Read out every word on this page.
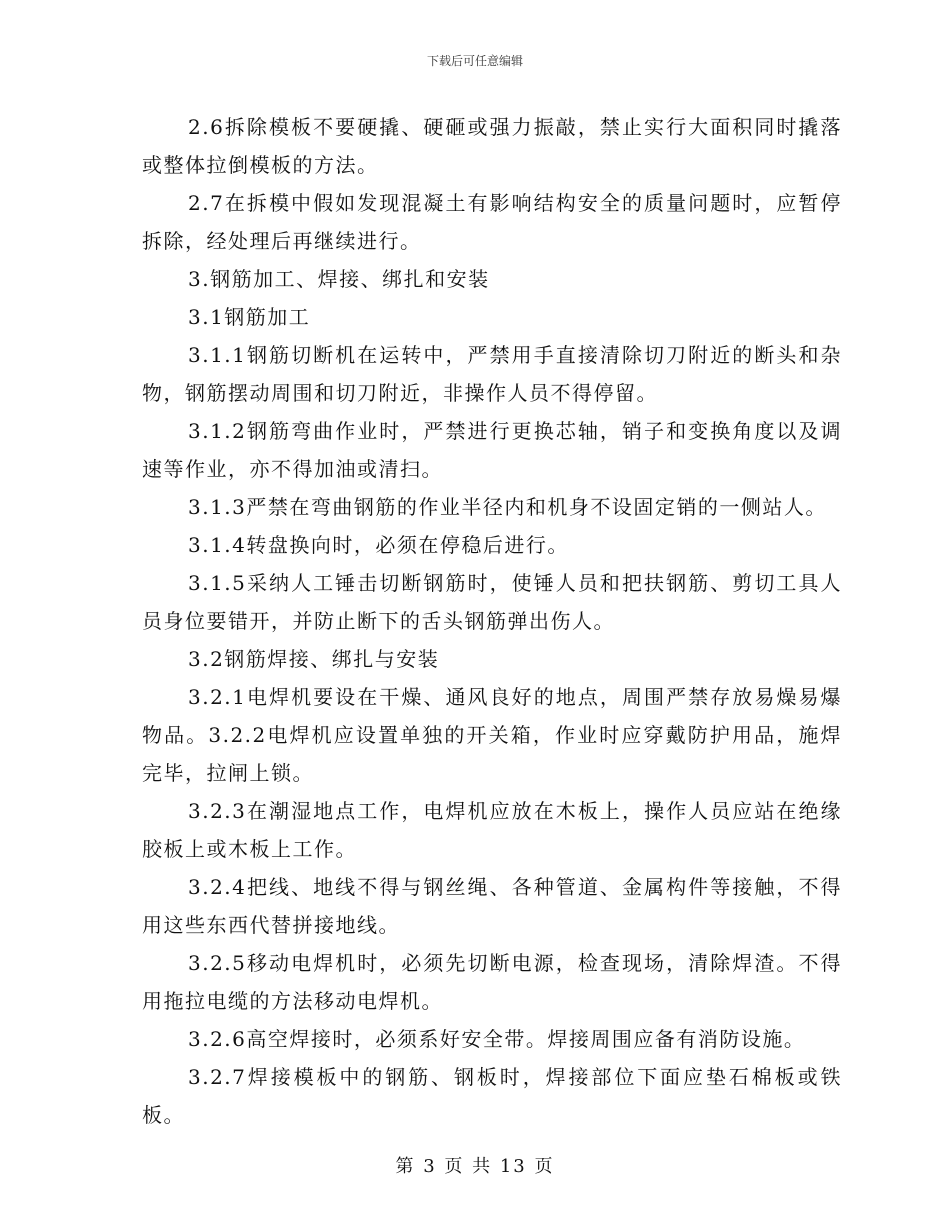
下载后可任意编辑

2.6拆除模板不要硬撬、硬砸或强力振敲，禁止实行大面积同时撬落或整体拉倒模板的方法。

2.7在拆模中假如发现混凝土有影响结构安全的质量问题时，应暂停拆除，经处理后再继续进行。

3.钢筋加工、焊接、绑扎和安装

3.1钢筋加工

3.1.1钢筋切断机在运转中，严禁用手直接清除切刀附近的断头和杂物，钢筋摆动周围和切刀附近，非操作人员不得停留。

3.1.2钢筋弯曲作业时，严禁进行更换芯轴，销子和变换角度以及调速等作业，亦不得加油或清扫。

3.1.3严禁在弯曲钢筋的作业半径内和机身不设固定销的一侧站人。

3.1.4转盘换向时，必须在停稳后进行。

3.1.5采纳人工锤击切断钢筋时，使锤人员和把扶钢筋、剪切工具人员身位要错开，并防止断下的舌头钢筋弹出伤人。

3.2钢筋焊接、绑扎与安装

3.2.1电焊机要设在干燥、通风良好的地点，周围严禁存放易燥易爆物品。3.2.2电焊机应设置单独的开关箱，作业时应穿戴防护用品，施焊完毕，拉闸上锁。

3.2.3在潮湿地点工作，电焊机应放在木板上，操作人员应站在绝缘胶板上或木板上工作。

3.2.4把线、地线不得与钢丝绳、各种管道、金属构件等接触，不得用这些东西代替拼接地线。

3.2.5移动电焊机时，必须先切断电源，检查现场，清除焊渣。不得用拖拉电缆的方法移动电焊机。

3.2.6高空焊接时，必须系好安全带。焊接周围应备有消防设施。

3.2.7焊接模板中的钢筋、钢板时，焊接部位下面应垫石棉板或铁板。

第 3 页 共 13 页
